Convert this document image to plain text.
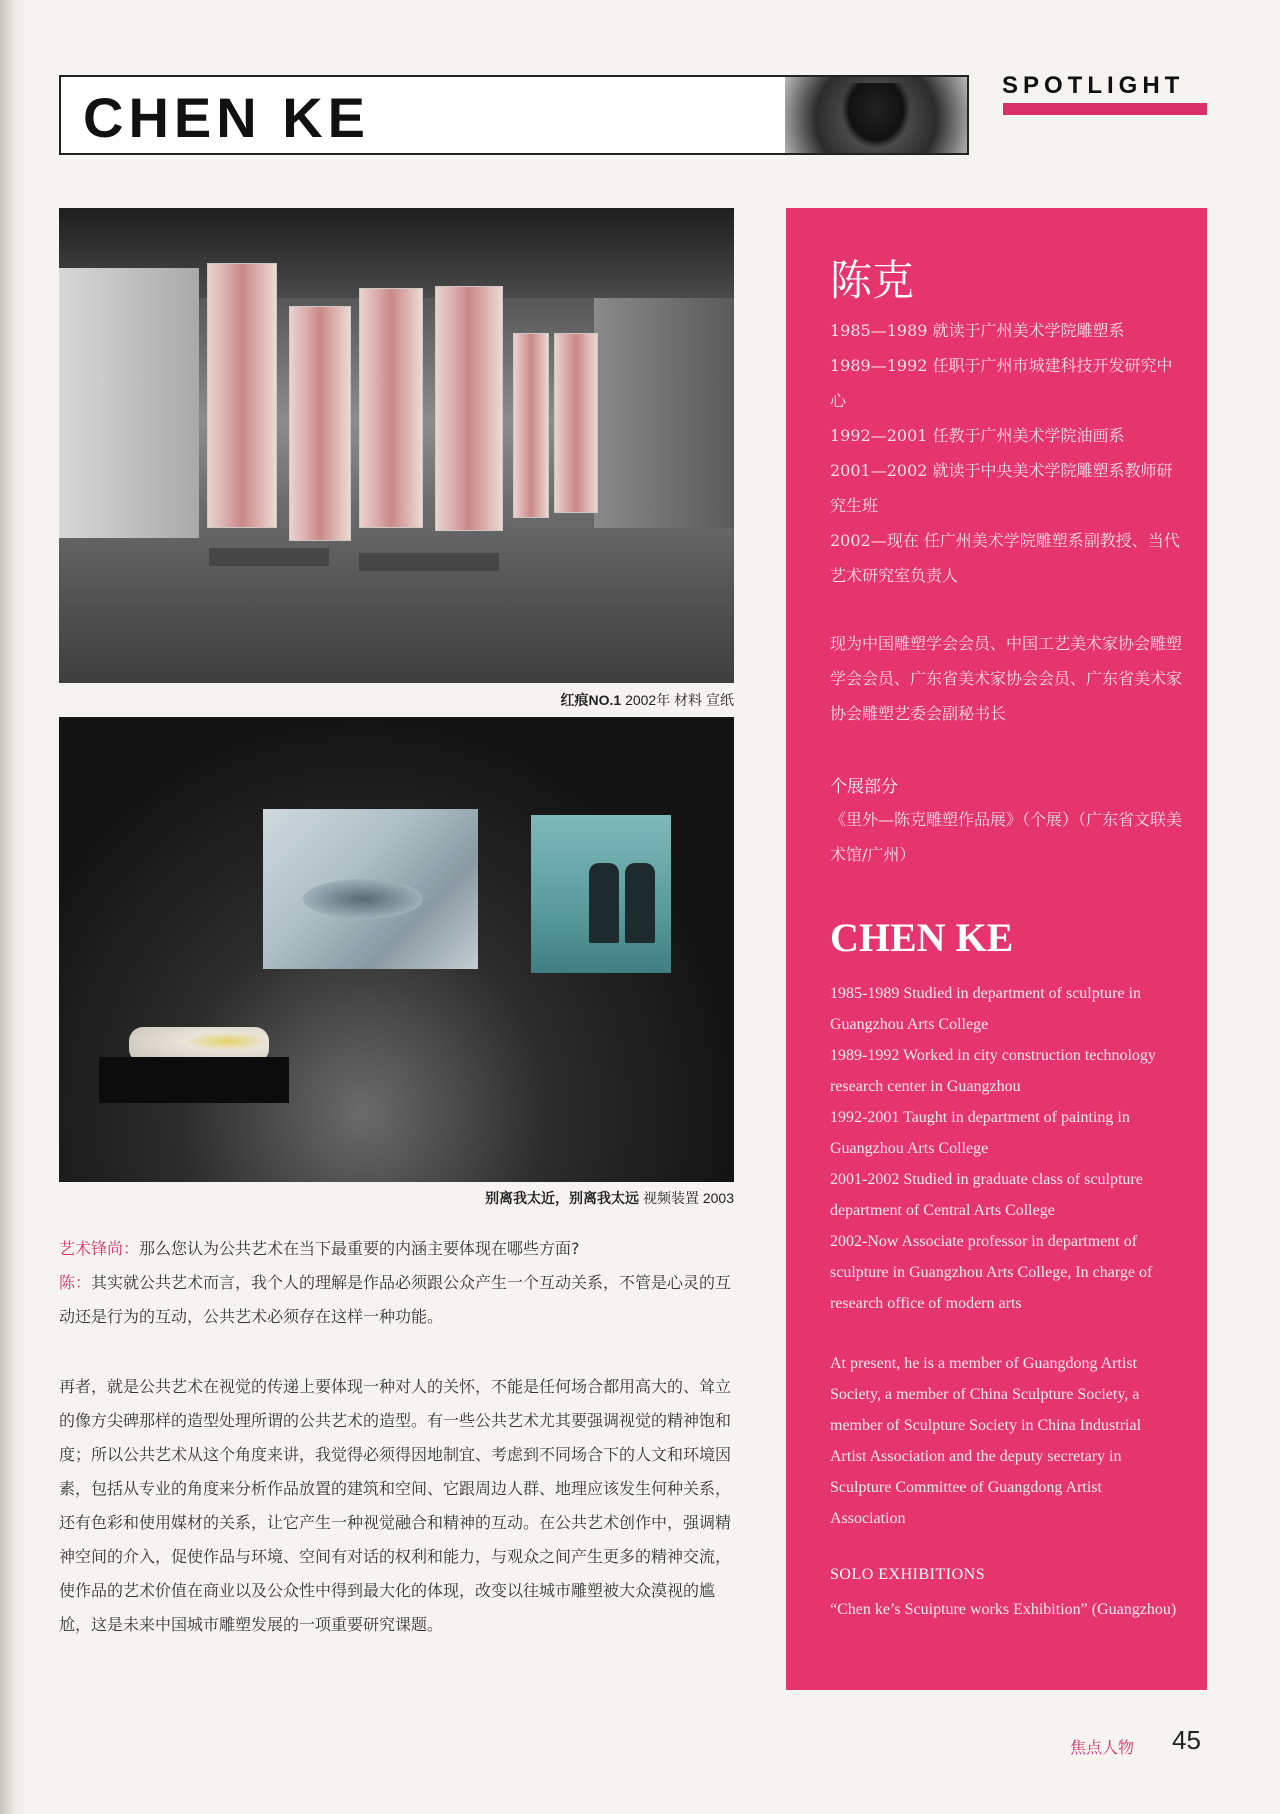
CHEN KE
SPOTLIGHT
红痕NO.1 2002年 材料 宣纸
别离我太近，别离我太远 视频装置 2003

艺术锋尚：那么您认为公共艺术在当下最重要的内涵主要体现在哪些方面?

陈：其实就公共艺术而言，我个人的理解是作品必须跟公众产生一个互动关系，不管是心灵的互动还是行为的互动，公共艺术必须存在这样一种功能。

再者，就是公共艺术在视觉的传递上要体现一种对人的关怀，不能是任何场合都用高大的、耸立的像方尖碑那样的造型处理所谓的公共艺术的造型。有一些公共艺术尤其要强调视觉的精神饱和度；所以公共艺术从这个角度来讲，我觉得必须得因地制宜、考虑到不同场合下的人文和环境因素，包括从专业的角度来分析作品放置的建筑和空间、它跟周边人群、地理应该发生何种关系，还有色彩和使用媒材的关系，让它产生一种视觉融合和精神的互动。在公共艺术创作中，强调精神空间的介入，促使作品与环境、空间有对话的权利和能力，与观众之间产生更多的精神交流，使作品的艺术价值在商业以及公众性中得到最大化的体现，改变以往城市雕塑被大众漠视的尴尬，这是未来中国城市雕塑发展的一项重要研究课题。

陈克

1985—1989 就读于广州美术学院雕塑系

1989—1992 任职于广州市城建科技开发研究中心

1992—2001 任教于广州美术学院油画系

2001—2002 就读于中央美术学院雕塑系教师研究生班

2002—现在 任广州美术学院雕塑系副教授、当代艺术研究室负责人

现为中国雕塑学会会员、中国工艺美术家协会雕塑学会会员、广东省美术家协会会员、广东省美术家协会雕塑艺委会副秘书长

个展部分

《里外—陈克雕塑作品展》（个展）（广东省文联美术馆/广州）

CHEN KE

1985-1989 Studied in department of sculpture in Guangzhou Arts College

1989-1992 Worked in city construction technology research center in Guangzhou

1992-2001 Taught in department of painting in Guangzhou Arts College

2001-2002 Studied in graduate class of sculpture department of Central Arts College

2002-Now Associate professor in department of sculpture in Guangzhou Arts College, In charge of research office of modern arts

At present, he is a member of Guangdong Artist Society, a member of China Sculpture Society, a member of Sculpture Society in China Industrial Artist Association and the deputy secretary in Sculpture Committee of Guangdong Artist Association

SOLO EXHIBITIONS

“Chen ke’s Scuipture works Exhibition” (Guangzhou)

焦点人物 45
